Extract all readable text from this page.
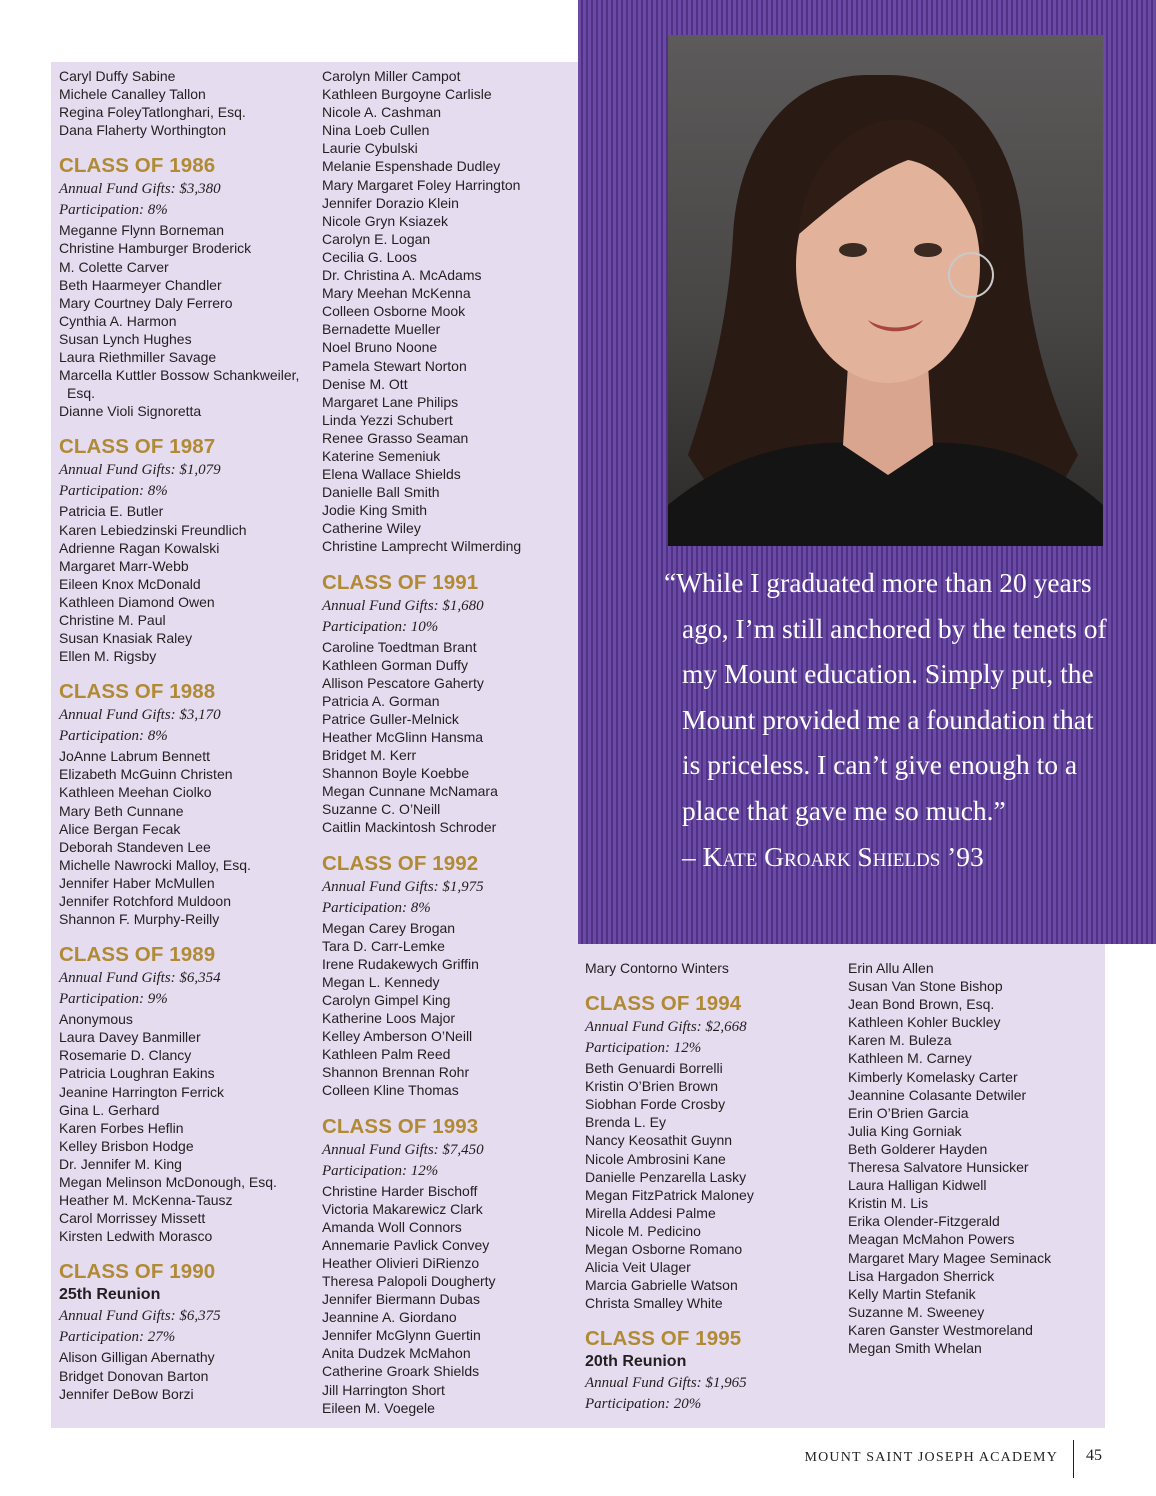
Caryl Duffy Sabine
Michele Canalley Tallon
Regina FoleyTatlonghari, Esq.
Dana Flaherty Worthington
CLASS OF 1986
Annual Fund Gifts: $3,380
Participation: 8%
Meganne Flynn Borneman
Christine Hamburger Broderick
M. Colette Carver
Beth Haarmeyer Chandler
Mary Courtney Daly Ferrero
Cynthia A. Harmon
Susan Lynch Hughes
Laura Riethmiller Savage
Marcella Kuttler Bossow Schankweiler, Esq.
Dianne Violi Signoretta
CLASS OF 1987
Annual Fund Gifts: $1,079
Participation: 8%
Patricia E. Butler
Karen Lebiedzinski Freundlich
Adrienne Ragan Kowalski
Margaret Marr-Webb
Eileen Knox McDonald
Kathleen Diamond Owen
Christine M. Paul
Susan Knasiak Raley
Ellen M. Rigsby
CLASS OF 1988
Annual Fund Gifts: $3,170
Participation: 8%
JoAnne Labrum Bennett
Elizabeth McGuinn Christen
Kathleen Meehan Ciolko
Mary Beth Cunnane
Alice Bergan Fecak
Deborah Standeven Lee
Michelle Nawrocki Malloy, Esq.
Jennifer Haber McMullen
Jennifer Rotchford Muldoon
Shannon F. Murphy-Reilly
CLASS OF 1989
Annual Fund Gifts: $6,354
Participation: 9%
Anonymous
Laura Davey Banmiller
Rosemarie D. Clancy
Patricia Loughran Eakins
Jeanine Harrington Ferrick
Gina L. Gerhard
Karen Forbes Heflin
Kelley Brisbon Hodge
Dr. Jennifer M. King
Megan Melinson McDonough, Esq.
Heather M. McKenna-Tausz
Carol Morrissey Missett
Kirsten Ledwith Morasco
CLASS OF 1990
25th Reunion
Annual Fund Gifts: $6,375
Participation: 27%
Alison Gilligan Abernathy
Bridget Donovan Barton
Jennifer DeBow Borzi
Carolyn Miller Campot
Kathleen Burgoyne Carlisle
Nicole A. Cashman
Nina Loeb Cullen
Laurie Cybulski
Melanie Espenshade Dudley
Mary Margaret Foley Harrington
Jennifer Dorazio Klein
Nicole Gryn Ksiazek
Carolyn E. Logan
Cecilia G. Loos
Dr. Christina A. McAdams
Mary Meehan McKenna
Colleen Osborne Mook
Bernadette Mueller
Noel Bruno Noone
Pamela Stewart Norton
Denise M. Ott
Margaret Lane Philips
Linda Yezzi Schubert
Renee Grasso Seaman
Katerine Semeniuk
Elena Wallace Shields
Danielle Ball Smith
Jodie King Smith
Catherine Wiley
Christine Lamprecht Wilmerding
CLASS OF 1991
Annual Fund Gifts: $1,680
Participation: 10%
Caroline Toedtman Brant
Kathleen Gorman Duffy
Allison Pescatore Gaherty
Patricia A. Gorman
Patrice Guller-Melnick
Heather McGlinn Hansma
Bridget M. Kerr
Shannon Boyle Koebbe
Megan Cunnane McNamara
Suzanne C. O’Neill
Caitlin Mackintosh Schroder
CLASS OF 1992
Annual Fund Gifts: $1,975
Participation: 8%
Megan Carey Brogan
Tara D. Carr-Lemke
Irene Rudakewych Griffin
Megan L. Kennedy
Carolyn Gimpel King
Katherine Loos Major
Kelley Amberson O’Neill
Kathleen Palm Reed
Shannon Brennan Rohr
Colleen Kline Thomas
CLASS OF 1993
Annual Fund Gifts: $7,450
Participation: 12%
Christine Harder Bischoff
Victoria Makarewicz Clark
Amanda Woll Connors
Annemarie Pavlick Convey
Heather Olivieri DiRienzo
Theresa Palopoli Dougherty
Jennifer Biermann Dubas
Jeannine A. Giordano
Jennifer McGlynn Guertin
Anita Dudzek McMahon
Catherine Groark Shields
Jill Harrington Short
Eileen M. Voegele
“While I graduated more than 20 years ago, I’m still anchored by the tenets of my Mount education. Simply put, the Mount provided me a foundation that is priceless. I can’t give enough to a place that gave me so much.”
– Kate Groark Shields ’93
Mary Contorno Winters
CLASS OF 1994
Annual Fund Gifts: $2,668
Participation: 12%
Beth Genuardi Borrelli
Kristin O’Brien Brown
Siobhan Forde Crosby
Brenda L. Ey
Nancy Keosathit Guynn
Nicole Ambrosini Kane
Danielle Penzarella Lasky
Megan FitzPatrick Maloney
Mirella Addesi Palme
Nicole M. Pedicino
Megan Osborne Romano
Alicia Veit Ulager
Marcia Gabrielle Watson
Christa Smalley White
CLASS OF 1995
20th Reunion
Annual Fund Gifts: $1,965
Participation: 20%
Erin Allu Allen
Susan Van Stone Bishop
Jean Bond Brown, Esq.
Kathleen Kohler Buckley
Karen M. Buleza
Kathleen M. Carney
Kimberly Komelasky Carter
Jeannine Colasante Detwiler
Erin O’Brien Garcia
Julia King Gorniak
Beth Golderer Hayden
Theresa Salvatore Hunsicker
Laura Halligan Kidwell
Kristin M. Lis
Erika Olender-Fitzgerald
Meagan McMahon Powers
Margaret Mary Magee Seminack
Lisa Hargadon Sherrick
Kelly Martin Stefanik
Suzanne M. Sweeney
Karen Ganster Westmoreland
Megan Smith Whelan
MOUNT SAINT JOSEPH ACADEMY 45
